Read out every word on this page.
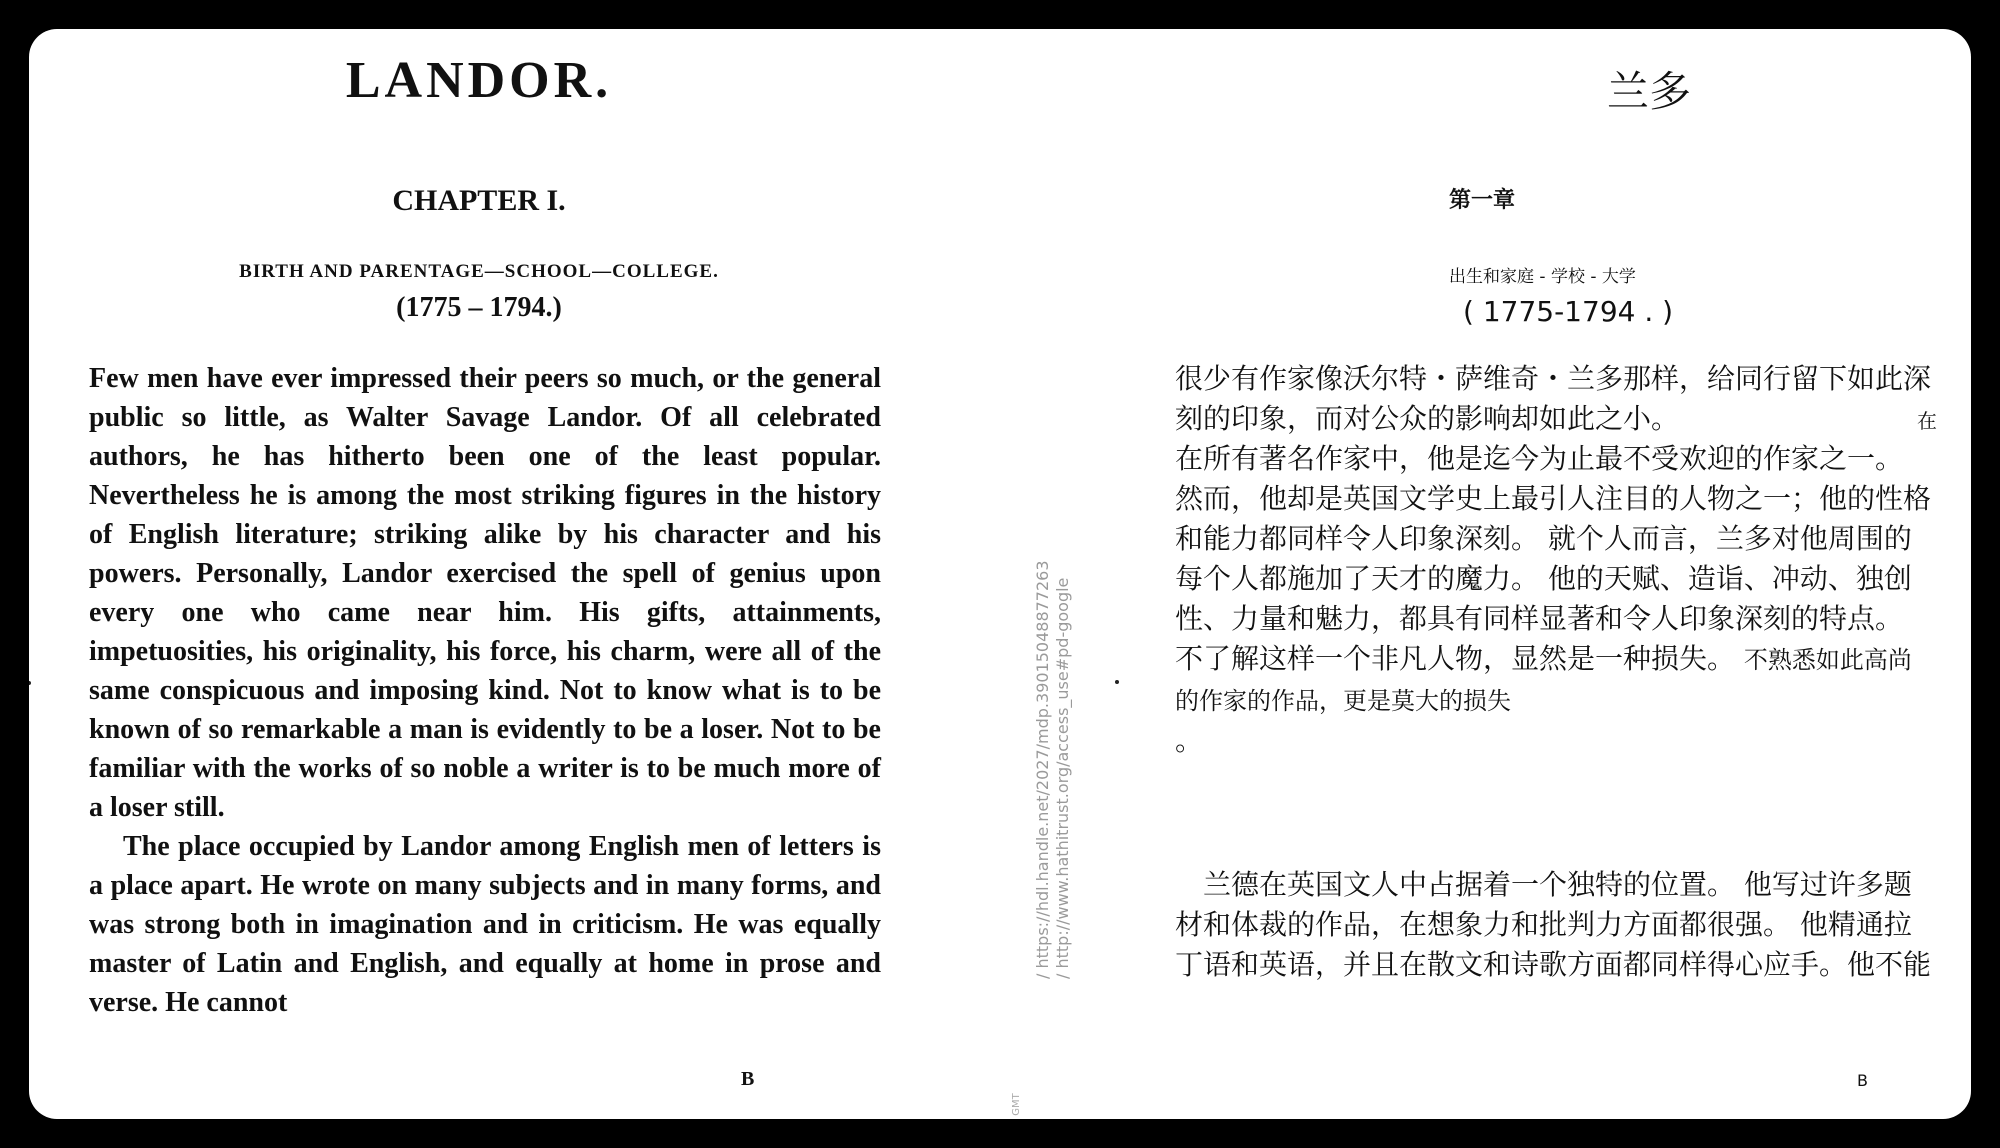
LANDOR.
CHAPTER I.
BIRTH AND PARENTAGE—SCHOOL—COLLEGE.
(1775 – 1794.)

Few men have ever impressed their peers so much, or the general public so little, as Walter Savage Landor. Of all celebrated authors, he has hitherto been one of the least popular. Nevertheless he is among the most striking figures in the history of English literature; striking alike by his character and his powers. Personally, Landor exercised the spell of genius upon every one who came near him. His gifts, attainments, impetuosities, his originality, his force, his charm, were all of the same conspicuous and imposing kind. Not to know what is to be known of so remarkable a man is evidently to be a loser. Not to be familiar with the works of so noble a writer is to be much more of a loser still.

The place occupied by Landor among English men of letters is a place apart. He wrote on many subjects and in many forms, and was strong both in imagination and in criticism. He was equally master of Latin and English, and equally at home in prose and verse. He cannot

B
/ https://hdl.handle.net/2027/mdp.39015048877263 / http://www.hathitrust.org/access_use#pd-google
GMT
兰多
第一章
出生和家庭 - 学校 - 大学
( 1775-1794 . )

很少有作家像沃尔特・萨维奇・兰多那样，给同行留下如此深刻的印象，而对公众的影响却如此之小。
在所有著名作家中，他是迄今为止最不受欢迎的作家之一。 然而，他却是英国文学史上最引人注目的人物之一；他的性格和能力都同样令人印象深刻。 就个人而言，兰多对他周围的每个人都施加了天才的魔力。 他的天赋、造诣、冲动、独创性、力量和魅力，都具有同样显著和令人印象深刻的特点。 不了解这样一个非凡人物，显然是一种损失。 不熟悉如此高尚的作家的作品，更是莫大的损失
。

在

 兰德在英国文人中占据着一个独特的位置。 他写过许多题材和体裁的作品，在想象力和批判力方面都很强。 他精通拉丁语和英语，并且在散文和诗歌方面都同样得心应手。他不能

B
